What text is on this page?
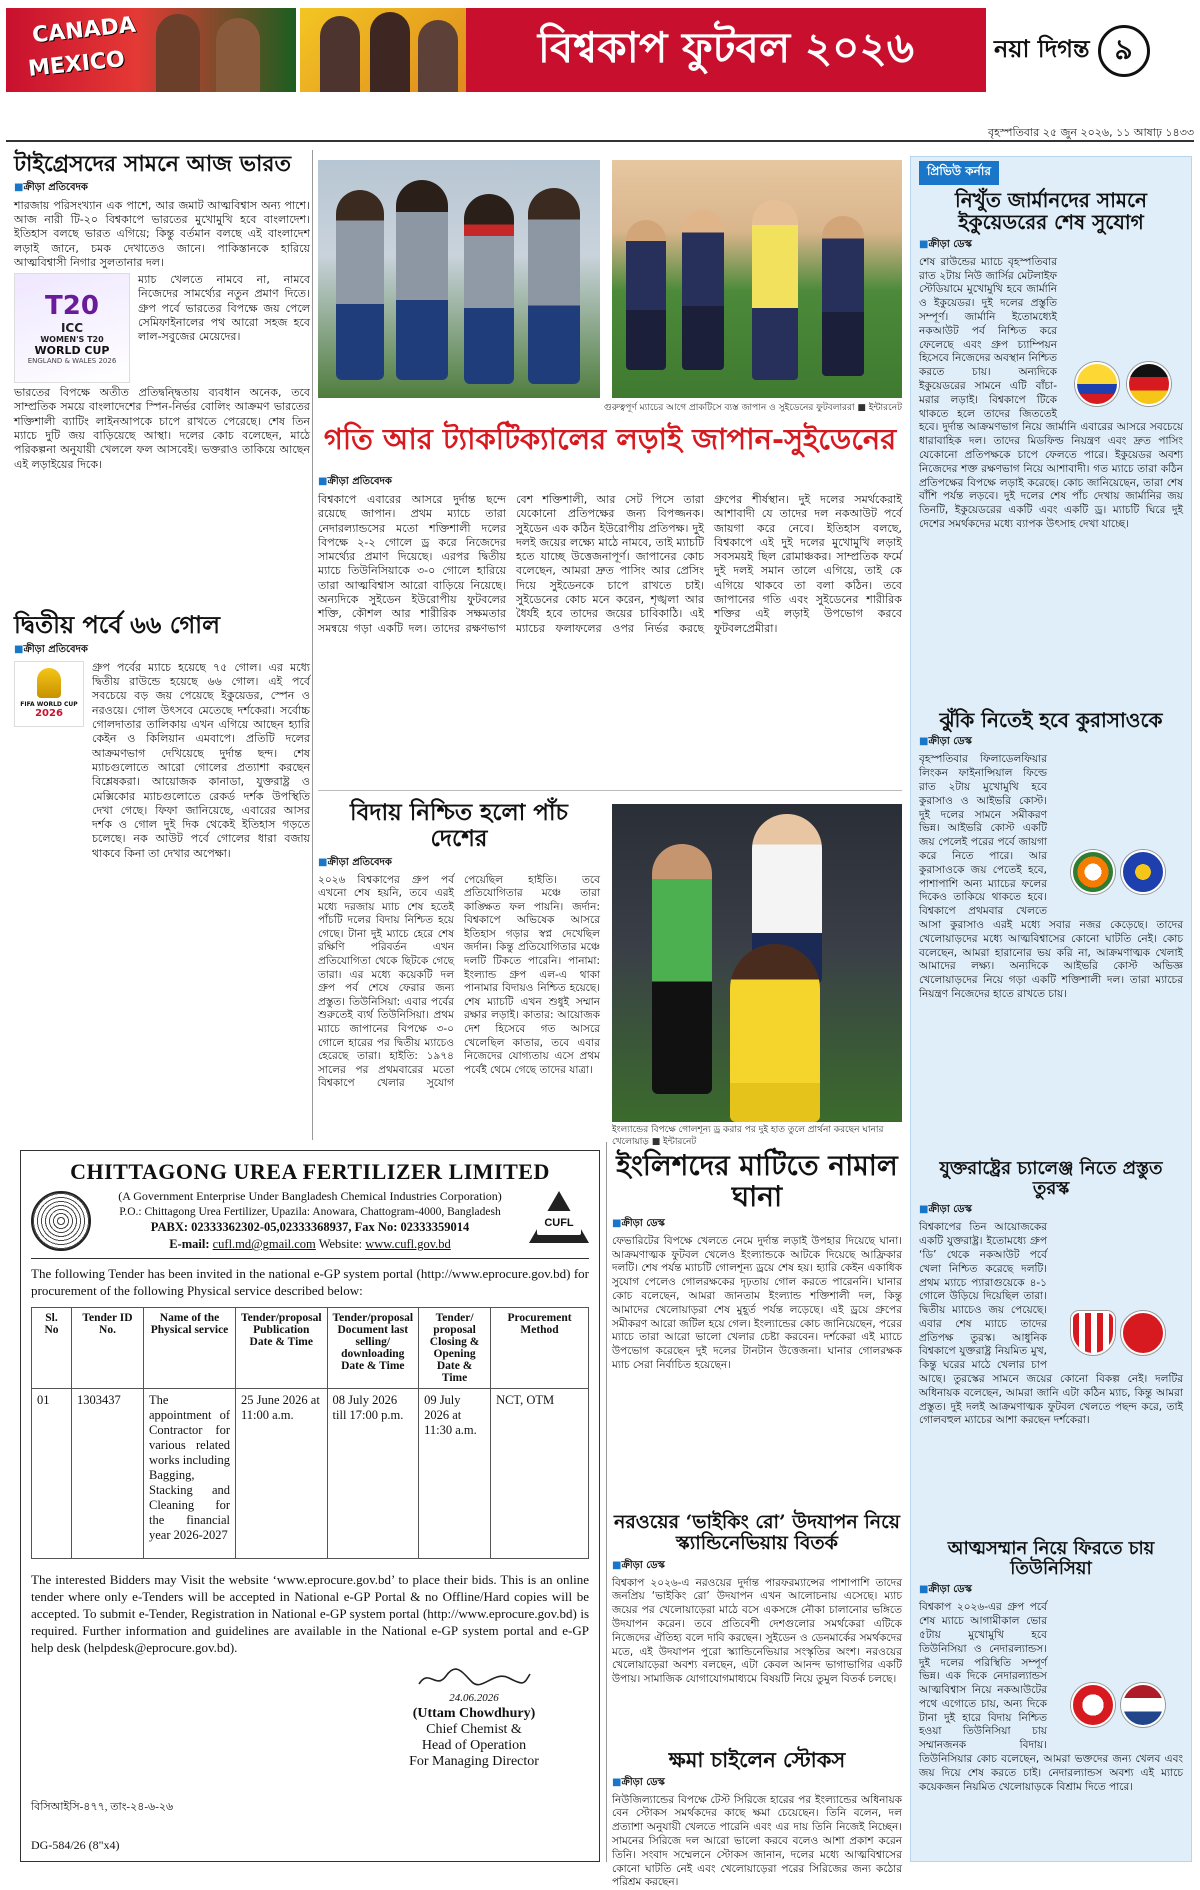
CANADA
MEXICO	বিশ্বকাপ ফুটবল ২০২৬	নয়া দিগন্ত ৯
বৃহস্পতিবার ২৫ জুন ২০২৬, ১১ আষাঢ় ১৪৩৩
টাইগ্রেসদের সামনে আজ ভারত
■ ক্রীড়া প্রতিবেদক
শারজায় পরিসংখ্যান এক পাশে, আর জমাট আত্মবিশ্বাস অন্য পাশে। আজ নারী টি-২০ বিশ্বকাপে ভারতের মুখোমুখি হবে বাংলাদেশ। ইতিহাস বলছে ভারত এগিয়ে; কিন্তু বর্তমান বলছে এই বাংলাদেশ লড়াই জানে, চমক দেখাতেও জানে। পাকিস্তানকে হারিয়ে আত্মবিশ্বাসী নিগার সুলতানার দল।
T20
ICC
WOMEN'S T20
WORLD CUP
ENGLAND & WALES 2026
ম্যাচ খেলতে নামবে না, নামবে নিজেদের সামর্থ্যের নতুন প্রমাণ দিতে। গ্রুপ পর্বে ভারতের বিপক্ষে জয় পেলে সেমিফাইনালের পথ আরো সহজ হবে লাল-সবুজের মেয়েদের।
ভারতের বিপক্ষে অতীত প্রতিদ্বন্দ্বিতায় ব্যবধান অনেক, তবে সাম্প্রতিক সময়ে বাংলাদেশের স্পিন-নির্ভর বোলিং আক্রমণ ভারতের শক্তিশালী ব্যাটিং লাইনআপকে চাপে রাখতে পেরেছে। শেষ তিন ম্যাচে দুটি জয় বাড়িয়েছে আস্থা। দলের কোচ বলেছেন, মাঠে পরিকল্পনা অনুযায়ী খেললে ফল আসবেই। ভক্তরাও তাকিয়ে আছেন এই লড়াইয়ের দিকে।
দ্বিতীয় পর্বে ৬৬ গোল
■ ক্রীড়া প্রতিবেদক
FIFA WORLD CUP
2026
গ্রুপ পর্বের ম্যাচে হয়েছে ৭৫ গোল। এর মধ্যে দ্বিতীয় রাউন্ডে হয়েছে ৬৬ গোল। এই পর্বে সবচেয়ে বড় জয় পেয়েছে ইকুয়েডর, স্পেন ও নরওয়ে। গোল উৎসবে মেতেছে দর্শকেরা। সর্বোচ্চ গোলদাতার তালিকায় এখন এগিয়ে আছেন হ্যারি কেইন ও কিলিয়ান এমবাপে। প্রতিটি দলের আক্রমণভাগ দেখিয়েছে দুর্দান্ত ছন্দ। শেষ ম্যাচগুলোতে আরো গোলের প্রত্যাশা করছেন বিশ্লেষকরা। আয়োজক কানাডা, যুক্তরাষ্ট্র ও মেক্সিকোর ম্যাচগুলোতে রেকর্ড দর্শক উপস্থিতি দেখা গেছে। ফিফা জানিয়েছে, এবারের আসর দর্শক ও গোল দুই দিক থেকেই ইতিহাস গড়তে চলেছে। নক আউট পর্বে গোলের ধারা বজায় থাকবে কিনা তা দেখার অপেক্ষা।
গুরুত্বপূর্ণ ম্যাচের আগে প্রাকটিসে ব্যস্ত জাপান ও সুইডেনের ফুটবলাররা ■ ইন্টারনেট
গতি আর ট্যাকটিক্যালের লড়াই জাপান-সুইডেনের
■ ক্রীড়া প্রতিবেদক
বিশ্বকাপে এবারের আসরে দুর্দান্ত ছন্দে রয়েছে জাপান। প্রথম ম্যাচে তারা নেদারল্যান্ডসের মতো শক্তিশালী দলের বিপক্ষে ২-২ গোলে ড্র করে নিজেদের সামর্থ্যের প্রমাণ দিয়েছে। এরপর দ্বিতীয় ম্যাচে তিউনিসিয়াকে ৩-০ গোলে হারিয়ে তারা আত্মবিশ্বাস আরো বাড়িয়ে নিয়েছে। অন্যদিকে সুইডেন ইউরোপীয় ফুটবলের শক্তি, কৌশল আর শারীরিক সক্ষমতার সমন্বয়ে গড়া একটি দল। তাদের রক্ষণভাগ বেশ শক্তিশালী, আর সেট পিসে তারা যেকোনো প্রতিপক্ষের জন্য বিপজ্জনক। সুইডেন এক কঠিন ইউরোপীয় প্রতিপক্ষ। দুই দলই জয়ের লক্ষ্যে মাঠে নামবে, তাই ম্যাচটি হতে যাচ্ছে উত্তেজনাপূর্ণ। জাপানের কোচ বলেছেন, আমরা দ্রুত পাসিং আর প্রেসিং দিয়ে সুইডেনকে চাপে রাখতে চাই। সুইডেনের কোচ মনে করেন, শৃঙ্খলা আর ধৈর্যই হবে তাদের জয়ের চাবিকাঠি। এই ম্যাচের ফলাফলের ওপর নির্ভর করছে গ্রুপের শীর্ষস্থান। দুই দলের সমর্থকেরাই আশাবাদী যে তাদের দল নকআউট পর্বে জায়গা করে নেবে। ইতিহাস বলছে, বিশ্বকাপে এই দুই দলের মুখোমুখি লড়াই সবসময়ই ছিল রোমাঞ্চকর। সাম্প্রতিক ফর্মে দুই দলই সমান তালে এগিয়ে, তাই কে এগিয়ে থাকবে তা বলা কঠিন। তবে জাপানের গতি এবং সুইডেনের শারীরিক শক্তির এই লড়াই উপভোগ করবে ফুটবলপ্রেমীরা।
বিদায় নিশ্চিত হলো পাঁচ দেশের
■ ক্রীড়া প্রতিবেদক
২০২৬ বিশ্বকাপের গ্রুপ পর্ব এখনো শেষ হয়নি, তবে এরই মধ্যে দরজায় ম্যাচ শেষ হতেই পাঁচটি দলের বিদায় নিশ্চিত হয়ে গেছে। টানা দুই ম্যাচে হেরে শেষ রক্ষিণি পরিবর্তন এখন প্রতিযোগিতা থেকে ছিটকে গেছে তারা। এর মধ্যে কয়েকটি দল গ্রুপ পর্ব শেষে ফেরার জন্য প্রস্তুত। তিউনিসিয়া: এবার পর্বের শুরুতেই ব্যর্থ তিউনিসিয়া। প্রথম ম্যাচে জাপানের বিপক্ষে ৩-০ গোলে হারের পর দ্বিতীয় ম্যাচেও হেরেছে তারা। হাইতি: ১৯৭৪ সালের পর প্রথমবারের মতো বিশ্বকাপে খেলার সুযোগ পেয়েছিল হাইতি। তবে প্রতিযোগিতার মঞ্চে তারা কাঙ্ক্ষিত ফল পায়নি। জর্দান: বিশ্বকাপে অভিষেক আসরে ইতিহাস গড়ার স্বপ্ন দেখেছিল জর্দান। কিন্তু প্রতিযোগিতার মঞ্চে দলটি টিকতে পারেনি। পানামা: ইংল্যান্ড গ্রুপ এল-এ থাকা পানামার বিদায়ও নিশ্চিত হয়েছে। শেষ ম্যাচটি এখন শুধুই সম্মান রক্ষার লড়াই। কাতার: আয়োজক দেশ হিসেবে গত আসরে খেলেছিল কাতার, তবে এবার নিজেদের যোগ্যতায় এসে প্রথম পর্বেই থেমে গেছে তাদের যাত্রা।
ইংল্যান্ডের বিপক্ষে গোলশূন্য ড্র করার পর দুই হাত তুলে প্রার্থনা করছেন ঘানার খেলোয়াড় ■ ইন্টারনেট
ইংলিশদের মাটিতে নামাল ঘানা
■ ক্রীড়া ডেস্ক
ফেভারিটের বিপক্ষে খেলতে নেমে দুর্দান্ত লড়াই উপহার দিয়েছে ঘানা। আক্রমণাত্মক ফুটবল খেলেও ইংল্যান্ডকে আটকে দিয়েছে আফ্রিকার দলটি। শেষ পর্যন্ত ম্যাচটি গোলশূন্য ড্রয়ে শেষ হয়। হ্যারি কেইন একাধিক সুযোগ পেলেও গোলরক্ষকের দৃঢ়তায় গোল করতে পারেননি। ঘানার কোচ বলেছেন, আমরা জানতাম ইংল্যান্ড শক্তিশালী দল, কিন্তু আমাদের খেলোয়াড়রা শেষ মুহূর্ত পর্যন্ত লড়েছে। এই ড্রয়ে গ্রুপের সমীকরণ আরো জটিল হয়ে গেল। ইংল্যান্ডের কোচ জানিয়েছেন, পরের ম্যাচে তারা আরো ভালো খেলার চেষ্টা করবেন। দর্শকেরা এই ম্যাচে উপভোগ করেছেন দুই দলের টানটান উত্তেজনা। ঘানার গোলরক্ষক ম্যাচ সেরা নির্বাচিত হয়েছেন।
নরওয়ের ‘ভাইকিং রো’ উদযাপন নিয়ে স্ক্যান্ডিনেভিয়ায় বিতর্ক
■ ক্রীড়া ডেস্ক
বিশ্বকাপ ২০২৬-এ নরওয়ের দুর্দান্ত পারফরম্যান্সের পাশাপাশি তাদের জনপ্রিয় ‘ভাইকিং রো’ উদযাপন এখন আলোচনায় এসেছে। ম্যাচ জয়ের পর খেলোয়াড়েরা মাঠে বসে একসঙ্গে নৌকা চালানোর ভঙ্গিতে উদযাপন করেন। তবে প্রতিবেশী দেশগুলোর সমর্থকেরা এটিকে নিজেদের ঐতিহ্য বলে দাবি করছেন। সুইডেন ও ডেনমার্কের সমর্থকদের মতে, এই উদযাপন পুরো স্ক্যান্ডিনেভিয়ার সংস্কৃতির অংশ। নরওয়ের খেলোয়াড়েরা অবশ্য বলছেন, এটা কেবল আনন্দ ভাগাভাগির একটি উপায়। সামাজিক যোগাযোগমাধ্যমে বিষয়টি নিয়ে তুমুল বিতর্ক চলছে।
ক্ষমা চাইলেন স্টোকস
■ ক্রীড়া ডেস্ক
নিউজিল্যান্ডের বিপক্ষে টেস্ট সিরিজে হারের পর ইংল্যান্ডের অধিনায়ক বেন স্টোকস সমর্থকদের কাছে ক্ষমা চেয়েছেন। তিনি বলেন, দল প্রত্যাশা অনুযায়ী খেলতে পারেনি এবং এর দায় তিনি নিজেই নিচ্ছেন। সামনের সিরিজে দল আরো ভালো করবে বলেও আশা প্রকাশ করেন তিনি। সংবাদ সম্মেলনে স্টোকস জানান, দলের মধ্যে আত্মবিশ্বাসের কোনো ঘাটতি নেই এবং খেলোয়াড়েরা পরের সিরিজের জন্য কঠোর পরিশ্রম করছেন।
CHITTAGONG UREA FERTILIZER LIMITED
(A Government Enterprise Under Bangladesh Chemical Industries Corporation)
P.O.: Chittagong Urea Fertilizer, Upazila: Anowara, Chattogram-4000, Bangladesh
PABX: 02333362302-05,02333368937, Fax No: 02333359014
E-mail: cufl.md@gmail.com Website: www.cufl.gov.bd
CUFL
The following Tender has been invited in the national e-GP system portal (http://www.eprocure.gov.bd) for procurement of the following Physical service described below:
Sl. No	Tender ID No.	Name of the Physical service	Tender/proposal Publication Date & Time	Tender/proposal Document last selling/ downloading Date & Time	Tender/ proposal Closing & Opening Date & Time	Procurement Method
01	1303437	The appointment of Contractor for various related works including Bagging, Stacking and Cleaning for the financial year 2026-2027	25 June 2026 at 11:00 a.m.	08 July 2026 till 17:00 p.m.	09 July 2026 at 11:30 a.m.	NCT, OTM
The interested Bidders may Visit the website ‘www.eprocure.gov.bd’ to place their bids. This is an online tender where only e-Tenders will be accepted in National e-GP Portal & no Offline/Hard copies will be accepted. To submit e-Tender, Registration in National e-GP system portal (http://www.eprocure.gov.bd) is required. Further information and guidelines are available in the National e-GP system portal and e-GP help desk (helpdesk@eprocure.gov.bd).
24.06.2026
(Uttam Chowdhury)
Chief Chemist &
Head of Operation
For Managing Director
বিসিআইসি-৪৭৭, তাং-২৪-৬-২৬
DG-584/26 (8"x4)
প্রিভিউ কর্নার
নিখুঁত জার্মানদের সামনে ইকুয়েডরের শেষ সুযোগ
■ ক্রীড়া ডেস্ক
শেষ রাউন্ডের ম্যাচে বৃহস্পতিবার রাত ২টায় নিউ জার্সির মেটলাইফ স্টেডিয়ামে মুখোমুখি হবে জার্মানি ও ইকুয়েডর। দুই দলের প্রস্তুতি সম্পূর্ণ। জার্মানি ইতোমধ্যেই নকআউট পর্ব নিশ্চিত করে ফেলেছে এবং গ্রুপ চ্যাম্পিয়ন হিসেবে নিজেদের অবস্থান নিশ্চিত করতে চায়। অন্যদিকে ইকুয়েডরের সামনে এটি বাঁচা-মরার লড়াই। বিশ্বকাপে টিকে থাকতে হলে তাদের জিততেই হবে। দুর্দান্ত আক্রমণভাগ নিয়ে জার্মানি এবারের আসরে সবচেয়ে ধারাবাহিক দল। তাদের মিডফিল্ড নিয়ন্ত্রণ এবং দ্রুত পাসিং যেকোনো প্রতিপক্ষকে চাপে ফেলতে পারে। ইকুয়েডর অবশ্য নিজেদের শক্ত রক্ষণভাগ নিয়ে আশাবাদী। গত ম্যাচে তারা কঠিন প্রতিপক্ষের বিপক্ষে লড়াই করেছে। কোচ জানিয়েছেন, তারা শেষ বাঁশি পর্যন্ত লড়বে। দুই দলের শেষ পাঁচ দেখায় জার্মানির জয় তিনটি, ইকুয়েডরের একটি এবং একটি ড্র। ম্যাচটি ঘিরে দুই দেশের সমর্থকদের মধ্যে ব্যাপক উৎসাহ দেখা যাচ্ছে।
ঝুঁকি নিতেই হবে কুরাসাওকে
■ ক্রীড়া ডেস্ক
বৃহস্পতিবার ফিলাডেলফিয়ার লিংকন ফাইনান্সিয়াল ফিল্ডে রাত ২টায় মুখোমুখি হবে কুরাসাও ও আইভরি কোস্ট। দুই দলের সামনে সমীকরণ ভিন্ন। আইভরি কোস্ট একটি জয় পেলেই পরের পর্বে জায়গা করে নিতে পারে। আর কুরাসাওকে জয় পেতেই হবে, পাশাপাশি অন্য ম্যাচের ফলের দিকেও তাকিয়ে থাকতে হবে। বিশ্বকাপে প্রথমবার খেলতে আসা কুরাসাও এরই মধ্যে সবার নজর কেড়েছে। তাদের খেলোয়াড়দের মধ্যে আত্মবিশ্বাসের কোনো ঘাটতি নেই। কোচ বলেছেন, আমরা হারানোর ভয় করি না, আক্রমণাত্মক খেলাই আমাদের লক্ষ্য। অন্যদিকে আইভরি কোস্ট অভিজ্ঞ খেলোয়াড়দের নিয়ে গড়া একটি শক্তিশালী দল। তারা ম্যাচের নিয়ন্ত্রণ নিজেদের হাতে রাখতে চায়।
যুক্তরাষ্ট্রের চ্যালেঞ্জ নিতে প্রস্তুত তুরস্ক
■ ক্রীড়া ডেস্ক
বিশ্বকাপের তিন আয়োজকের একটি যুক্তরাষ্ট্র। ইতোমধ্যে গ্রুপ ‘ডি’ থেকে নকআউট পর্বে খেলা নিশ্চিত করেছে দলটি। প্রথম ম্যাচে প্যারাগুয়েকে ৪-১ গোলে উড়িয়ে দিয়েছিল তারা। দ্বিতীয় ম্যাচেও জয় পেয়েছে। এবার শেষ ম্যাচে তাদের প্রতিপক্ষ তুরস্ক। আধুনিক বিশ্বকাপে যুক্তরাষ্ট্র নিয়মিত মুখ, কিন্তু ঘরের মাঠে খেলার চাপ আছে। তুরস্কের সামনে জয়ের কোনো বিকল্প নেই। দলটির অধিনায়ক বলেছেন, আমরা জানি এটা কঠিন ম্যাচ, কিন্তু আমরা প্রস্তুত। দুই দলই আক্রমণাত্মক ফুটবল খেলতে পছন্দ করে, তাই গোলবহুল ম্যাচের আশা করছেন দর্শকেরা।
আত্মসম্মান নিয়ে ফিরতে চায় তিউনিসিয়া
■ ক্রীড়া ডেস্ক
বিশ্বকাপ ২০২৬-এর গ্রুপ পর্বে শেষ ম্যাচে আগামীকাল ভোর ৫টায় মুখোমুখি হবে তিউনিসিয়া ও নেদারল্যান্ডস। দুই দলের পরিস্থিতি সম্পূর্ণ ভিন্ন। এক দিকে নেদারল্যান্ডস আত্মবিশ্বাস নিয়ে নকআউটের পথে এগোতে চায়, অন্য দিকে টানা দুই হারে বিদায় নিশ্চিত হওয়া তিউনিসিয়া চায় সম্মানজনক বিদায়। তিউনিসিয়ার কোচ বলেছেন, আমরা ভক্তদের জন্য খেলব এবং জয় দিয়ে শেষ করতে চাই। নেদারল্যান্ডস অবশ্য এই ম্যাচে কয়েকজন নিয়মিত খেলোয়াড়কে বিশ্রাম দিতে পারে।
